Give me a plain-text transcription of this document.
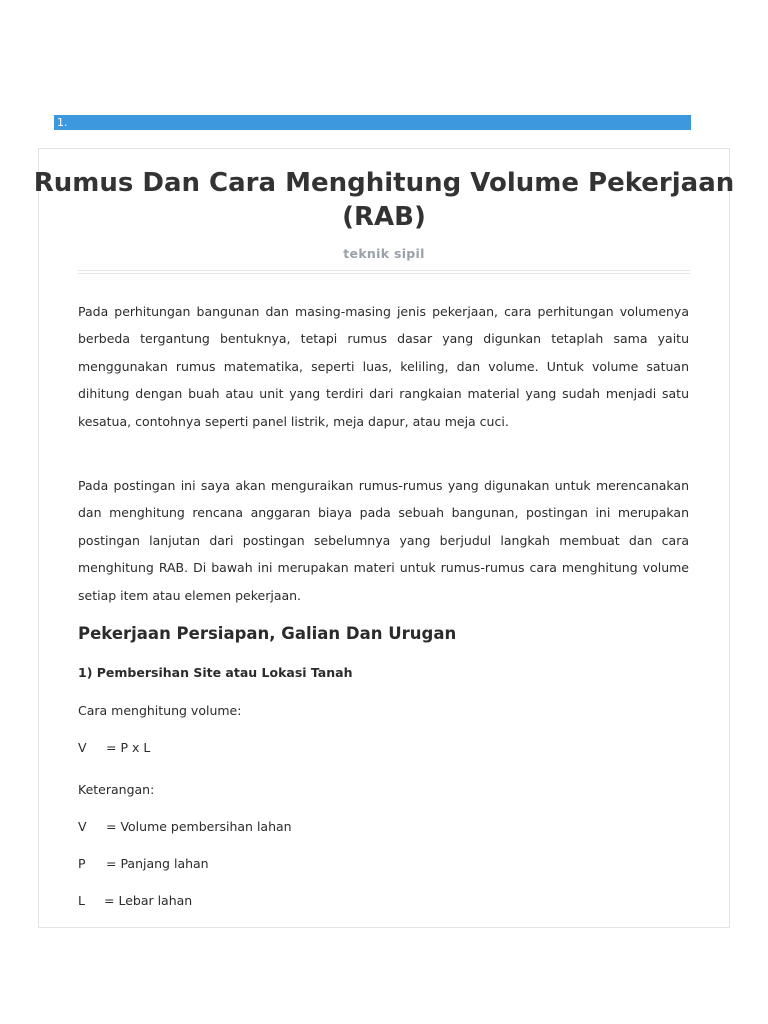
1.
Rumus Dan Cara Menghitung Volume Pekerjaan (RAB)
teknik sipil

Pada perhitungan bangunan dan masing-masing jenis pekerjaan, cara perhitungan volumenya berbeda tergantung bentuknya, tetapi rumus dasar yang digunkan tetaplah sama yaitu menggunakan rumus matematika, seperti luas, keliling, dan volume. Untuk volume satuan dihitung dengan buah atau unit yang terdiri dari rangkaian material yang sudah menjadi satu kesatua, contohnya seperti panel listrik, meja dapur, atau meja cuci.

Pada postingan ini saya akan menguraikan rumus-rumus yang digunakan untuk merencanakan dan menghitung rencana anggaran biaya pada sebuah bangunan, postingan ini merupakan postingan lanjutan dari postingan sebelumnya yang berjudul langkah membuat dan cara menghitung RAB. Di bawah ini merupakan materi untuk rumus-rumus cara menghitung volume setiap item atau elemen pekerjaan.

Pekerjaan Persiapan, Galian Dan Urugan
1) Pembersihan Site atau Lokasi Tanah
Cara menghitung volume:
V = P x L
Keterangan:
V = Volume pembersihan lahan
P = Panjang lahan
L = Lebar lahan
